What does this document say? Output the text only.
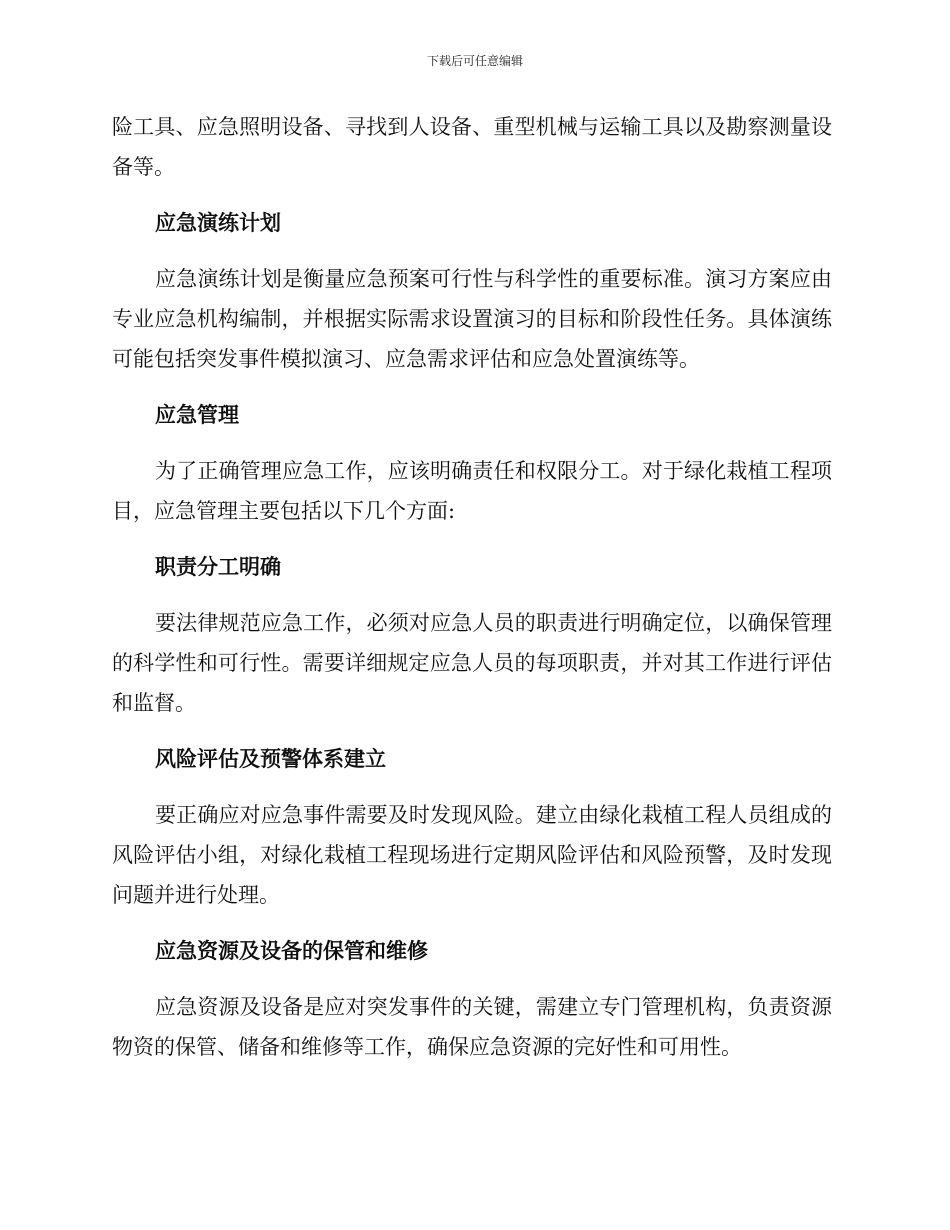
下载后可任意编辑

险工具、应急照明设备、寻找到人设备、重型机械与运输工具以及勘察测量设备等。

应急演练计划

应急演练计划是衡量应急预案可行性与科学性的重要标准。演习方案应由专业应急机构编制，并根据实际需求设置演习的目标和阶段性任务。具体演练可能包括突发事件模拟演习、应急需求评估和应急处置演练等。

应急管理

为了正确管理应急工作，应该明确责任和权限分工。对于绿化栽植工程项目，应急管理主要包括以下几个方面:

职责分工明确

要法律规范应急工作，必须对应急人员的职责进行明确定位，以确保管理的科学性和可行性。需要详细规定应急人员的每项职责，并对其工作进行评估和监督。

风险评估及预警体系建立

要正确应对应急事件需要及时发现风险。建立由绿化栽植工程人员组成的风险评估小组，对绿化栽植工程现场进行定期风险评估和风险预警，及时发现问题并进行处理。

应急资源及设备的保管和维修

应急资源及设备是应对突发事件的关键，需建立专门管理机构，负责资源物资的保管、储备和维修等工作，确保应急资源的完好性和可用性。
